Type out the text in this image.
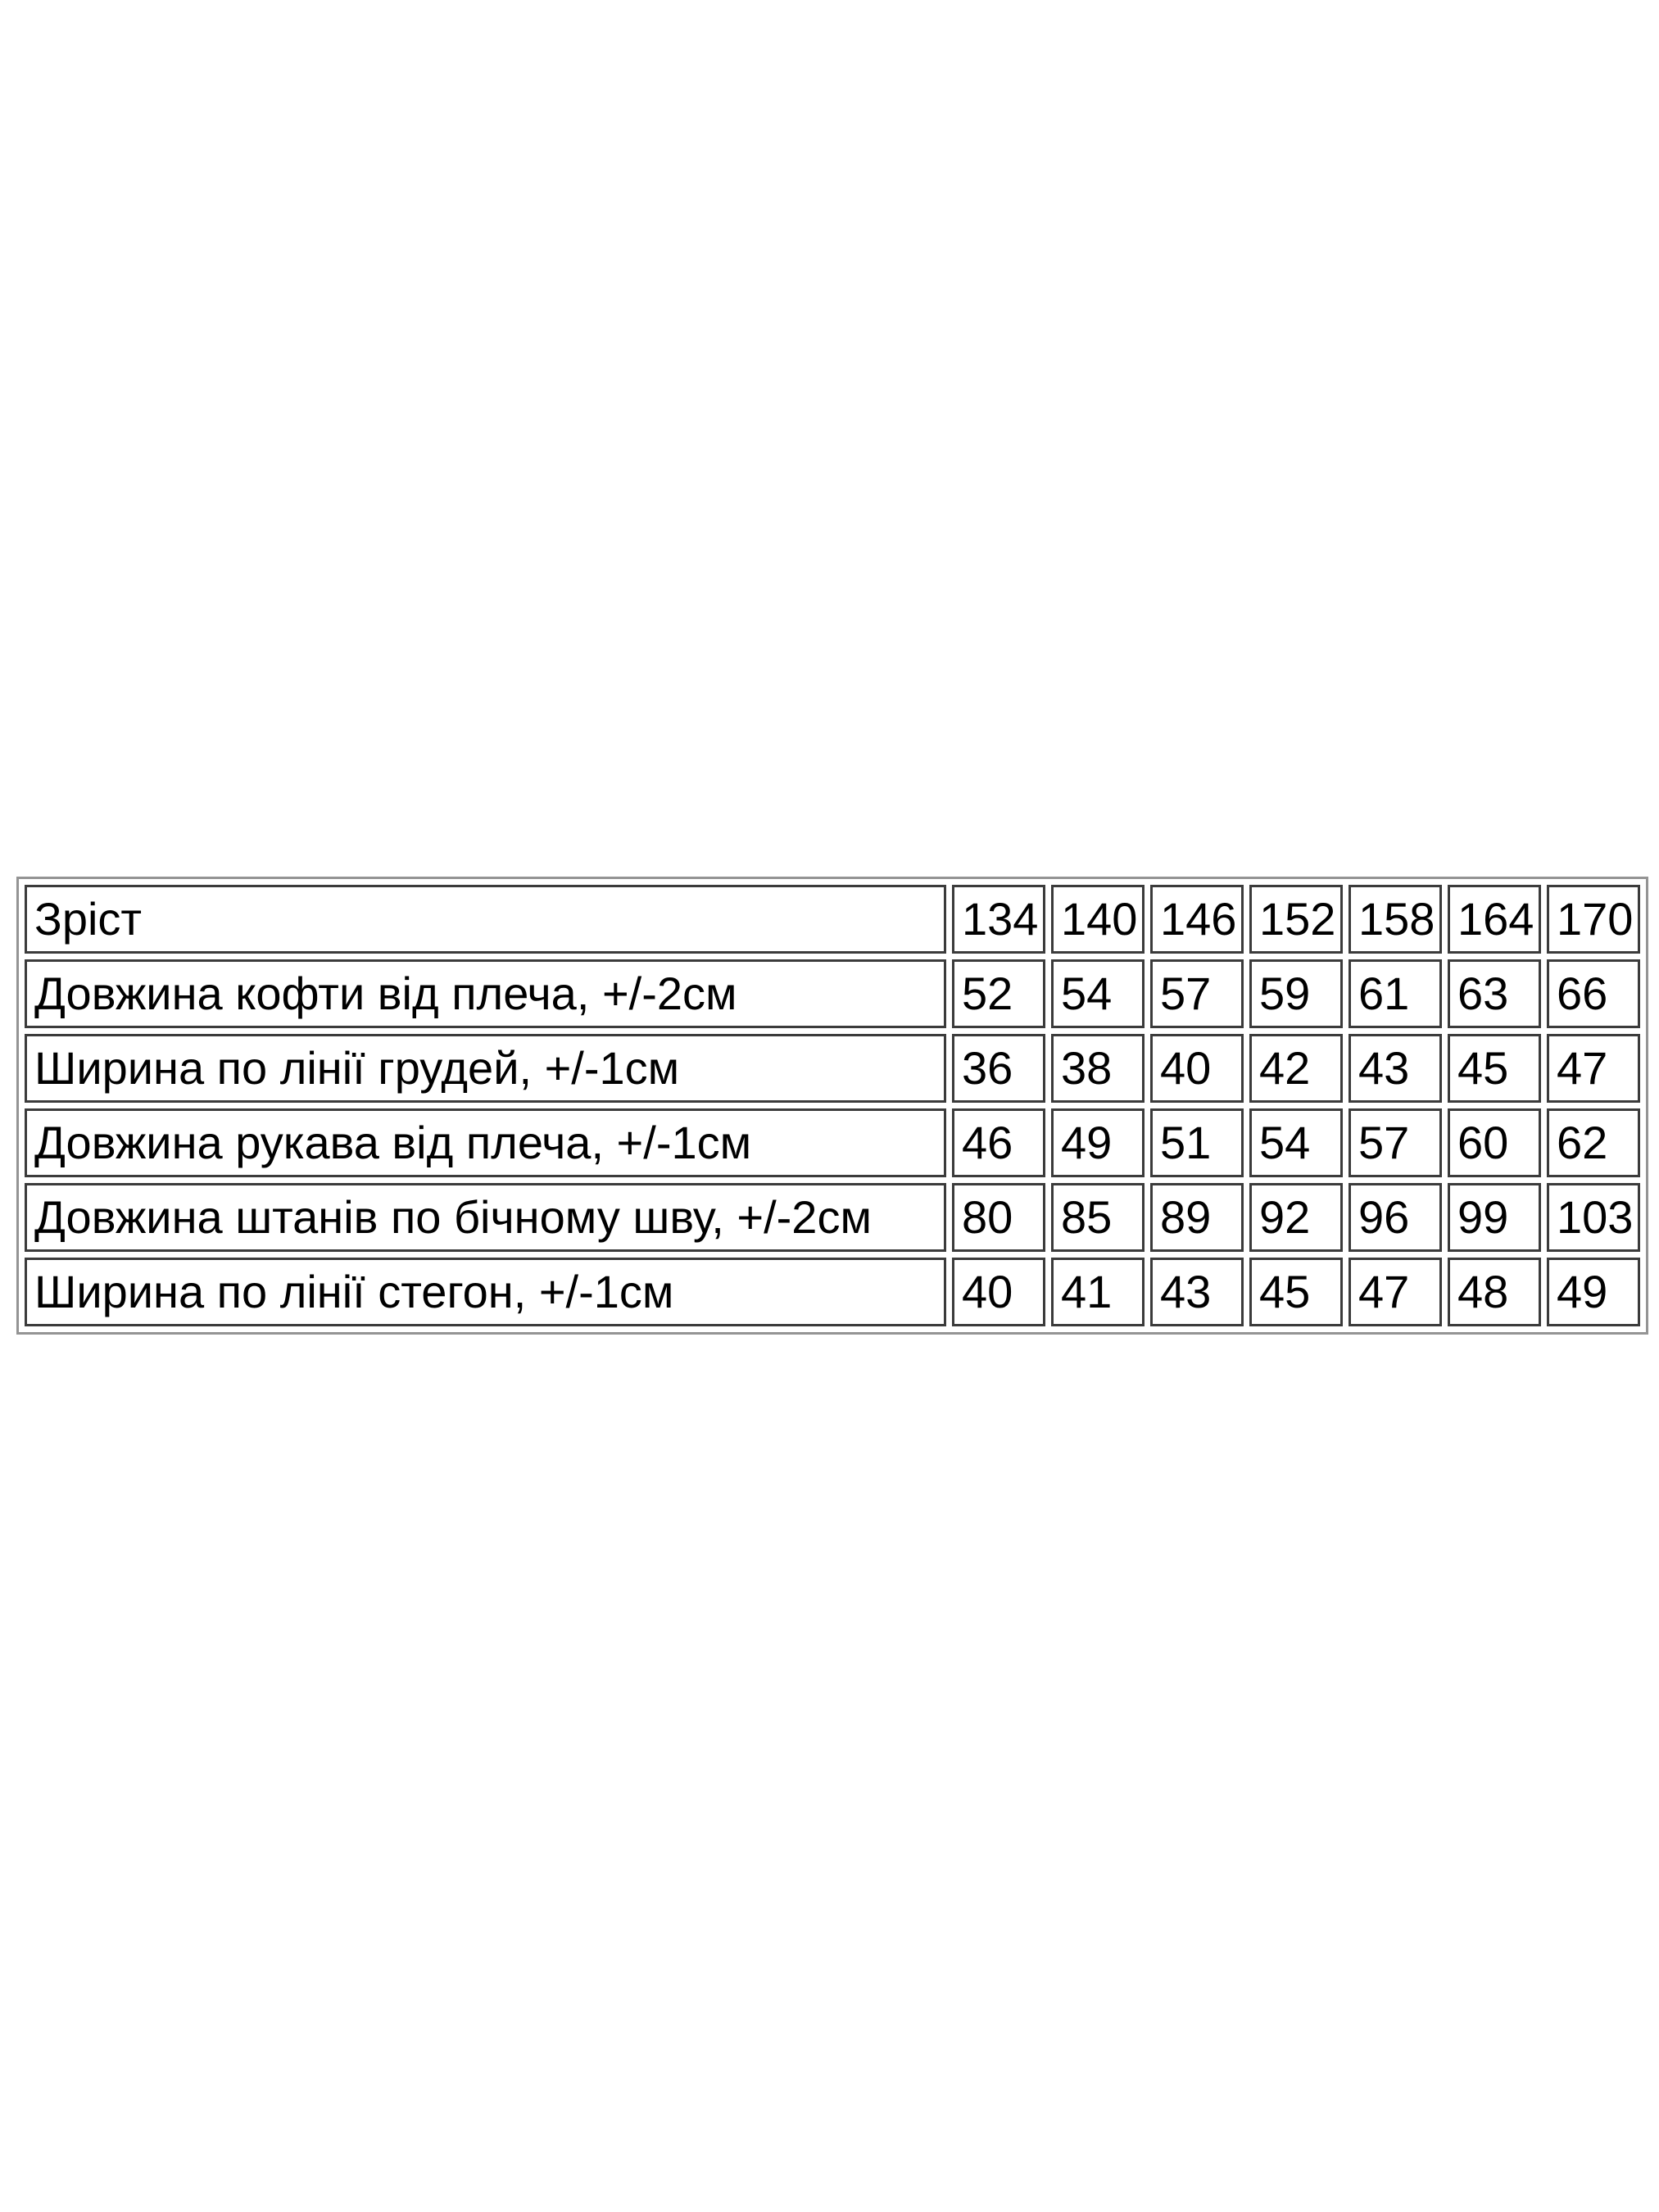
Зріст	134	140	146	152	158	164	170
Довжина кофти від плеча, +/-2см	52	54	57	59	61	63	66
Ширина по лінії грудей, +/-1см	36	38	40	42	43	45	47
Довжина рукава від плеча, +/-1см	46	49	51	54	57	60	62
Довжина штанів по бічному шву, +/-2см	80	85	89	92	96	99	103
Ширина по лінії стегон, +/-1см	40	41	43	45	47	48	49
